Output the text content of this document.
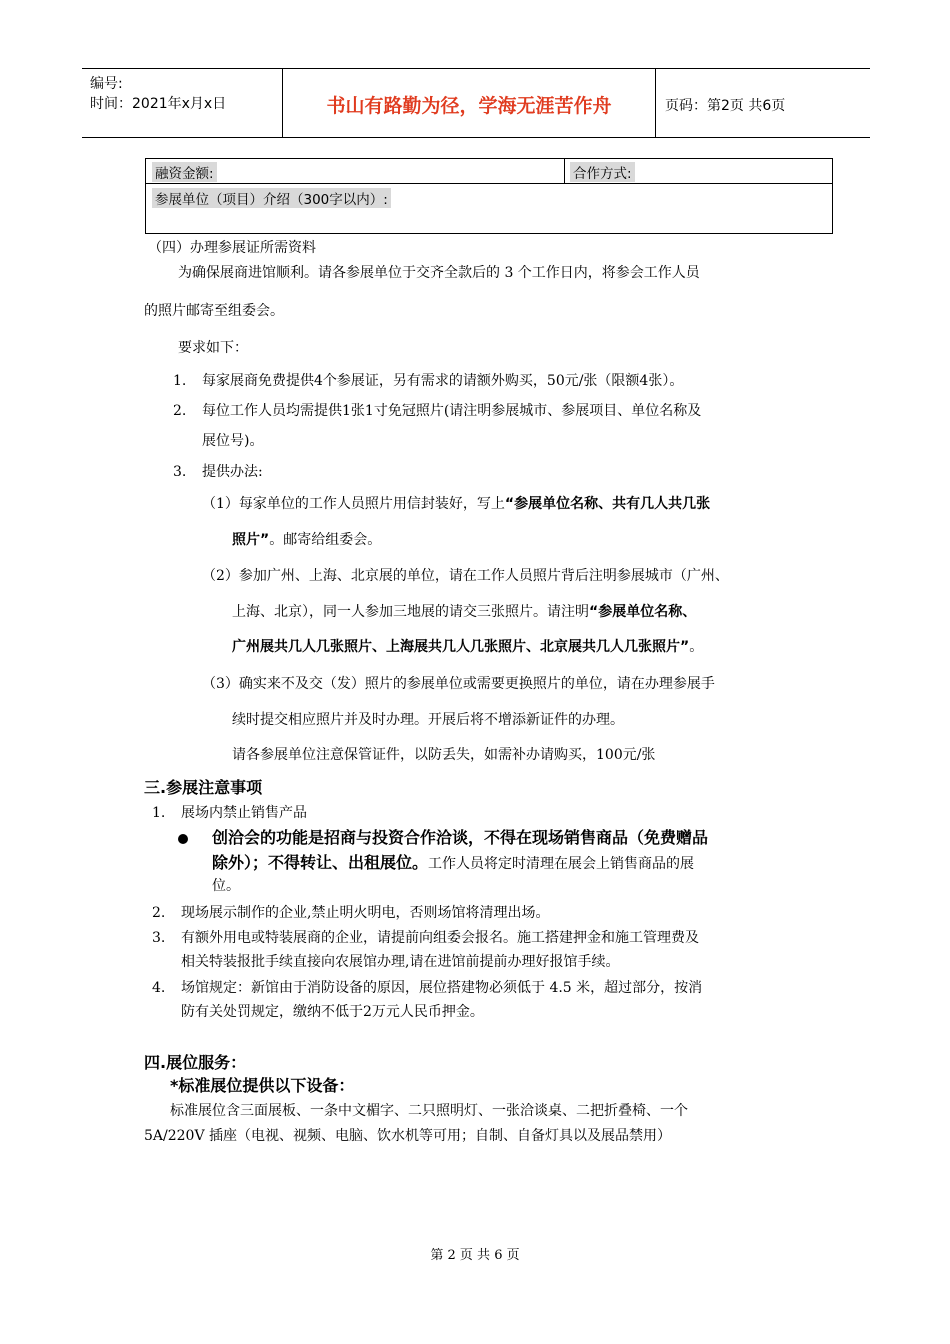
编号:
时间：2021年x月x日	书山有路勤为径，学海无涯苦作舟	页码：第2页 共6页
融资金额:	合作方式:
参展单位（项目）介绍（300字以内）:
（四）办理参展证所需资料
为确保展商进馆顺利。请各参展单位于交齐全款后的 3 个工作日内，将参会工作人员
的照片邮寄至组委会。
要求如下：
1. 每家展商免费提供4个参展证，另有需求的请额外购买，50元/张（限额4张）。
2. 每位工作人员均需提供1张1寸免冠照片(请注明参展城市、参展项目、单位名称及
展位号)。
3. 提供办法:
（1）每家单位的工作人员照片用信封装好，写上“参展单位名称、共有几人共几张
照片”。邮寄给组委会。
（2）参加广州、上海、北京展的单位，请在工作人员照片背后注明参展城市（广州、
上海、北京），同一人参加三地展的请交三张照片。请注明“参展单位名称、
广州展共几人几张照片、上海展共几人几张照片、北京展共几人几张照片”。
（3）确实来不及交（发）照片的参展单位或需要更换照片的单位，请在办理参展手
续时提交相应照片并及时办理。开展后将不增添新证件的办理。
请各参展单位注意保管证件，以防丢失，如需补办请购买，100元/张
三.参展注意事项
1. 展场内禁止销售产品
创洽会的功能是招商与投资合作洽谈，不得在现场销售商品（免费赠品
除外）；不得转让、出租展位。工作人员将定时清理在展会上销售商品的展
位。
2. 现场展示制作的企业,禁止明火明电，否则场馆将清理出场。
3. 有额外用电或特装展商的企业，请提前向组委会报名。施工搭建押金和施工管理费及
相关特装报批手续直接向农展馆办理,请在进馆前提前办理好报馆手续。
4. 场馆规定：新馆由于消防设备的原因，展位搭建物必须低于 4.5 米，超过部分，按消
防有关处罚规定，缴纳不低于2万元人民币押金。
四.展位服务：
*标准展位提供以下设备：
标准展位含三面展板、一条中文楣字、二只照明灯、一张洽谈桌、二把折叠椅、一个
5A/220V 插座（电视、视频、电脑、饮水机等可用；自制、自备灯具以及展品禁用）
第 2 页 共 6 页
